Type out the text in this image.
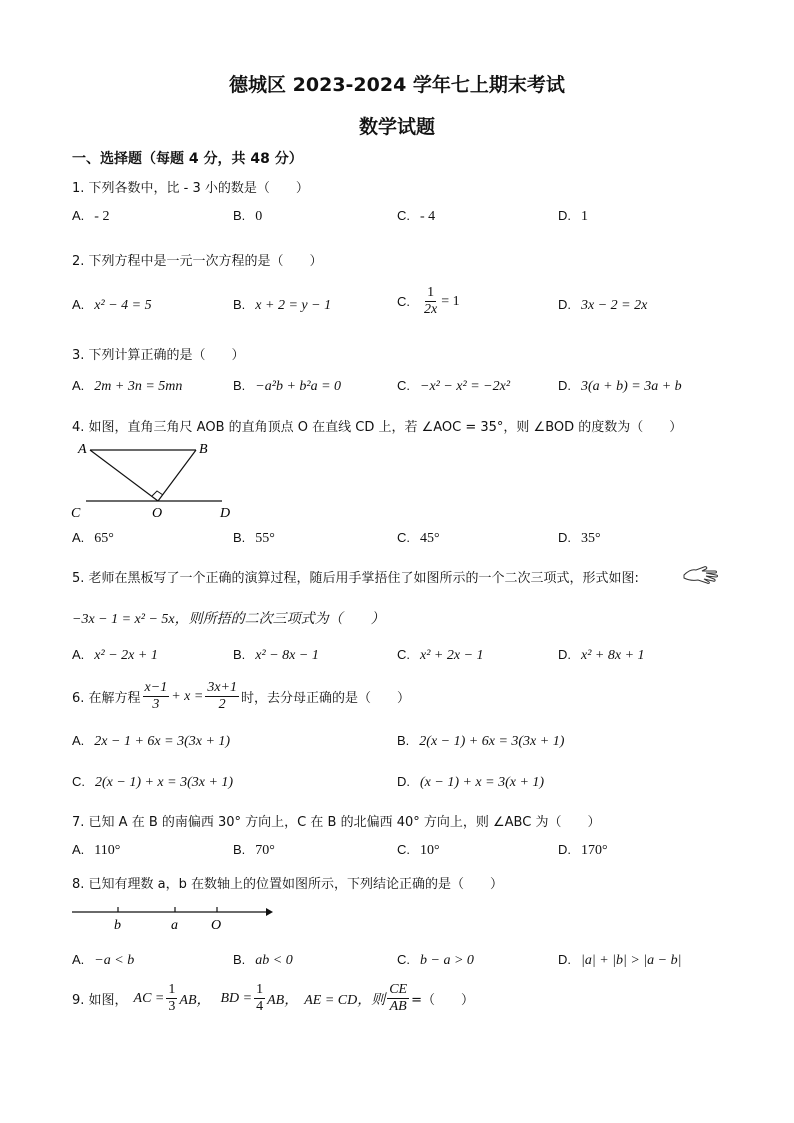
德城区 2023-2024 学年七上期末考试
数学试题
一、选择题（每题 4 分，共 48 分）
1. 下列各数中，比 - 3 小的数是（　　）
A. - 2	B. 0	C. - 4	D. 1
2. 下列方程中是一元一次方程的是（　　）
A. x² − 4 = 5	B. x + 2 = y − 1	C. $\frac{1}{2x} = 1$	D. 3x − 2 = 2x
3. 下列计算正确的是（　　）
A. 2m + 3n = 5mn	B. −a²b + b²a = 0	C. −x² − x² = −2x²	D. 3(a + b) = 3a + b
4. 如图，直角三角尺 AOB 的直角顶点 O 在直线 CD 上，若 ∠AOC = 35°，则 ∠BOD 的度数为（　　）
A	B
C	O	D
A. 65°	B. 55°	C. 45°	D. 35°
5. 老师在黑板写了一个正确的演算过程，随后用手掌捂住了如图所示的一个二次三项式，形式如图:
−3x − 1 = x² − 5x，则所捂的二次三项式为（　　）
A. x² − 2x + 1	B. x² − 8x − 1	C. x² + 2x − 1	D. x² + 8x + 1
6. 在解方程 $\frac{x-1}{3} + x = \frac{3x+1}{2}$ 时，去分母正确的是（　　）
A. 2x − 1 + 6x = 3(3x + 1)	B. 2(x − 1) + 6x = 3(3x + 1)
C. 2(x − 1) + x = 3(3x + 1)	D. (x − 1) + x = 3(x + 1)
7. 已知 A 在 B 的南偏西 30° 方向上，C 在 B 的北偏西 40° 方向上，则 ∠ABC 为（　　）
A. 110°	B. 70°	C. 10°	D. 170°
8. 已知有理数 a，b 在数轴上的位置如图所示，下列结论正确的是（　　）
b	a O
A. −a < b	B. ab < 0	C. b − a > 0	D. |a| + |b| > |a − b|
9. 如图， AC = $\frac{1}{3}$ AB， BD = $\frac{1}{4}$ AB， AE = CD，则 $\frac{CE}{AB}$ =（　　）
